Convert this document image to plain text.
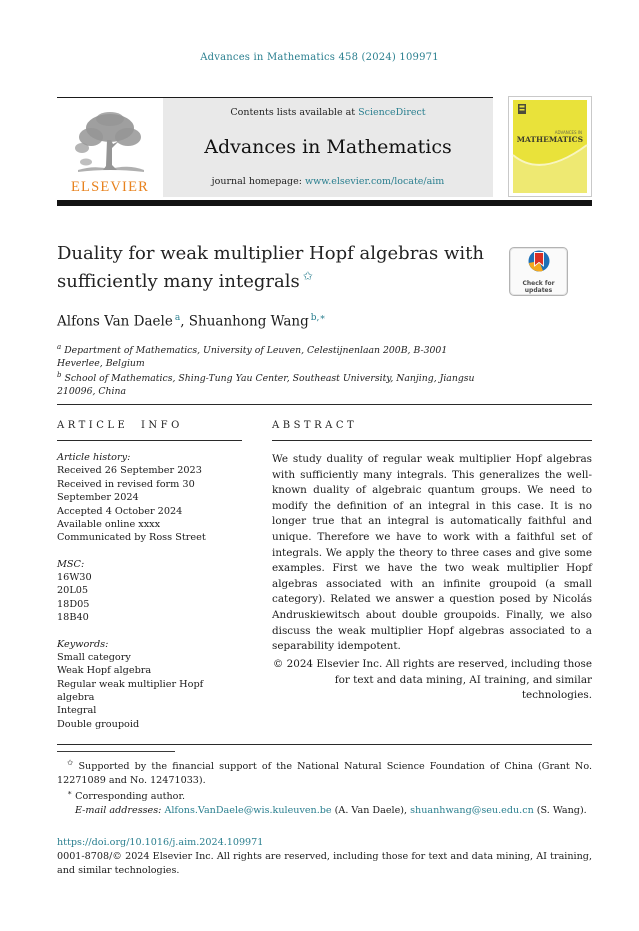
Advances in Mathematics 458 (2024) 109971
ELSEVIER
Contents lists available at ScienceDirect
Advances in Mathematics
journal homepage: www.elsevier.com/locate/aim
ADVANCES IN
MATHEMATICS
Duality for weak multiplier Hopf algebras with sufficiently many integrals ✩	Check for
updates
Alfons Van Daele $^a$, Shuanhong Wang $^{b,∗}$

$^a$ Department of Mathematics, University of Leuven, Celestijnenlaan 200B, B-3001 Heverlee, Belgium

$^b$ School of Mathematics, Shing-Tung Yau Center, Southeast University, Nanjing, Jiangsu 210096, China

ARTICLE INFO

Article history:

Received 26 September 2023

Received in revised form 30 September 2024

Accepted 4 October 2024

Available online xxxx

Communicated by Ross Street

MSC:

16W30

20L05

18D05

18B40

Keywords:

Small category

Weak Hopf algebra

Regular weak multiplier Hopf algebra

Integral

Double groupoid

ABSTRACT

We study duality of regular weak multiplier Hopf algebras with sufficiently many integrals. This generalizes the well-known duality of algebraic quantum groups. We need to modify the definition of an integral in this case. It is no longer true that an integral is automatically faithful and unique. Therefore we have to work with a faithful set of integrals. We apply the theory to three cases and give some examples. First we have the two weak multiplier Hopf algebras associated with an infinite groupoid (a small category). Related we answer a question posed by Nicolás Andruskiewitsch about double groupoids. Finally, we also discuss the weak multiplier Hopf algebras associated to a separability idempotent.

© 2024 Elsevier Inc. All rights are reserved, including those for text and data mining, AI training, and similar technologies.

✩ Supported by the financial support of the National Natural Science Foundation of China (Grant No. 12271089 and No. 12471033).

∗ Corresponding author.

E-mail addresses: Alfons.VanDaele@wis.kuleuven.be (A. Van Daele), shuanhwang@seu.edu.cn (S. Wang).

https://doi.org/10.1016/j.aim.2024.109971

0001-8708/© 2024 Elsevier Inc. All rights are reserved, including those for text and data mining, AI training, and similar technologies.
